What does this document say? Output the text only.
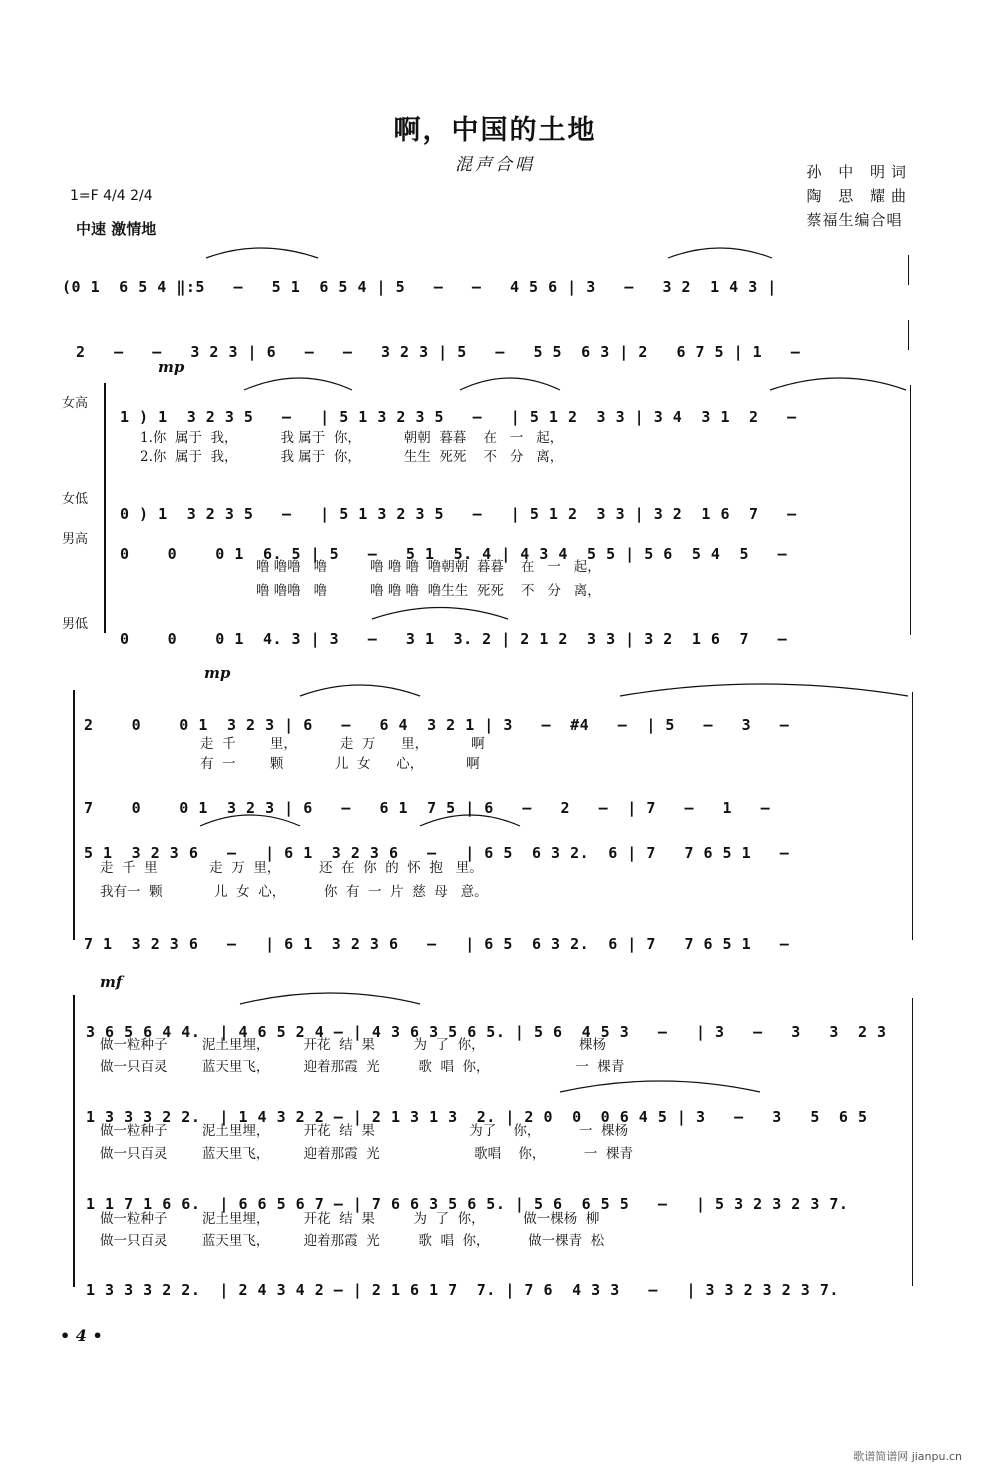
啊，中国的土地
混声合唱	孙 中 明词
陶 思 耀曲
蔡福生编合唱
1=F 4/4 2/4
中速 激情地

(0 1  6 5 4 ‖:5   –   5 1  6 5 4 | 5   –   –   4 5 6 | 3   –   3 2  1 4 3 |

2   –   –   3 2 3 | 6   –   –   3 2 3 | 5   –   5 5  6 3 | 2   6 7 5 | 1   –

mp
女高
女低
男高
男低

1 ) 1  3 2 3 5   –   | 5 1 3 2 3 5   –   | 5 1 2  3 3 | 3 4  3 1  2   –

1.你  属于  我，          我 属于  你，          朝朝  暮暮    在   一   起，
2.你  属于  我，          我 属于  你，          生生  死死    不   分   离，

0 ) 1  3 2 3 5   –   | 5 1 3 2 3 5   –   | 5 1 2  3 3 | 3 2  1 6  7   –

0    0    0 1  6. 5 | 5   –   5 1  5. 4 | 4 3 4  5 5 | 5 6  5 4  5   –

噜 噜噜   噜          噜 噜 噜  噜朝朝  暮暮    在   一   起，
噜 噜噜   噜          噜 噜 噜  噜生生  死死    不   分   离，

0    0    0 1  4. 3 | 3   –   3 1  3. 2 | 2 1 2  3 3 | 3 2  1 6  7   –

mp

2    0    0 1  3 2 3 | 6   –   6 4  3 2 1 | 3   –  #4   –  | 5   –   3   –

走  千        里，          走  万      里，          啊
有  一        颗            儿  女      心，          啊

7    0    0 1  3 2 3 | 6   –   6 1  7 5 | 6   –   2   –  | 7   –   1   –

5 1  3 2 3 6   –   | 6 1  3 2 3 6   –   | 6 5  6 3 2.  6 | 7   7 6 5 1   –

走  千  里            走  万  里，         还  在  你  的  怀  抱   里。
我有一  颗            儿  女  心，         你  有  一  片  慈  母   意。

7 1  3 2 3 6   –   | 6 1  3 2 3 6   –   | 6 5  6 3 2.  6 | 7   7 6 5 1   –

mf

3 6 5 6 4 4.  | 4 6 5 2 4 – | 4 3 6 3 5 6 5. | 5 6  4 5 3   –   | 3   –   3   3  2 3

做一粒种子        泥土里埋，        开花  结  果         为  了  你，                      棵杨
做一只百灵        蓝天里飞，        迎着那霞  光         歌  唱  你，                    一  棵青

1 3 3 3 2 2.  | 1 4 3 2 2 – | 2 1 3 1 3  2. | 2 0  0  0 6 4 5 | 3   –   3   5  6 5

做一粒种子        泥土里埋，        开花  结  果                      为了    你，         一  棵杨
做一只百灵        蓝天里飞，        迎着那霞  光                      歌唱    你，         一  棵青

1 1 7 1 6 6.  | 6 6 5 6 7 – | 7 6 6 3 5 6 5. | 5 6  6 5 5   –   | 5 3 2 3 2 3 7.

做一粒种子        泥土里埋，        开花  结  果         为  了  你，         做一棵杨  柳
做一只百灵        蓝天里飞，        迎着那霞  光         歌  唱  你，         做一棵青  松

1 3 3 3 2 2.  | 2 4 3 4 2 – | 2 1 6 1 7  7. | 7 6  4 3 3   –   | 3 3 2 3 2 3 7.

• 4 •
歌谱简谱网 jianpu.cn
